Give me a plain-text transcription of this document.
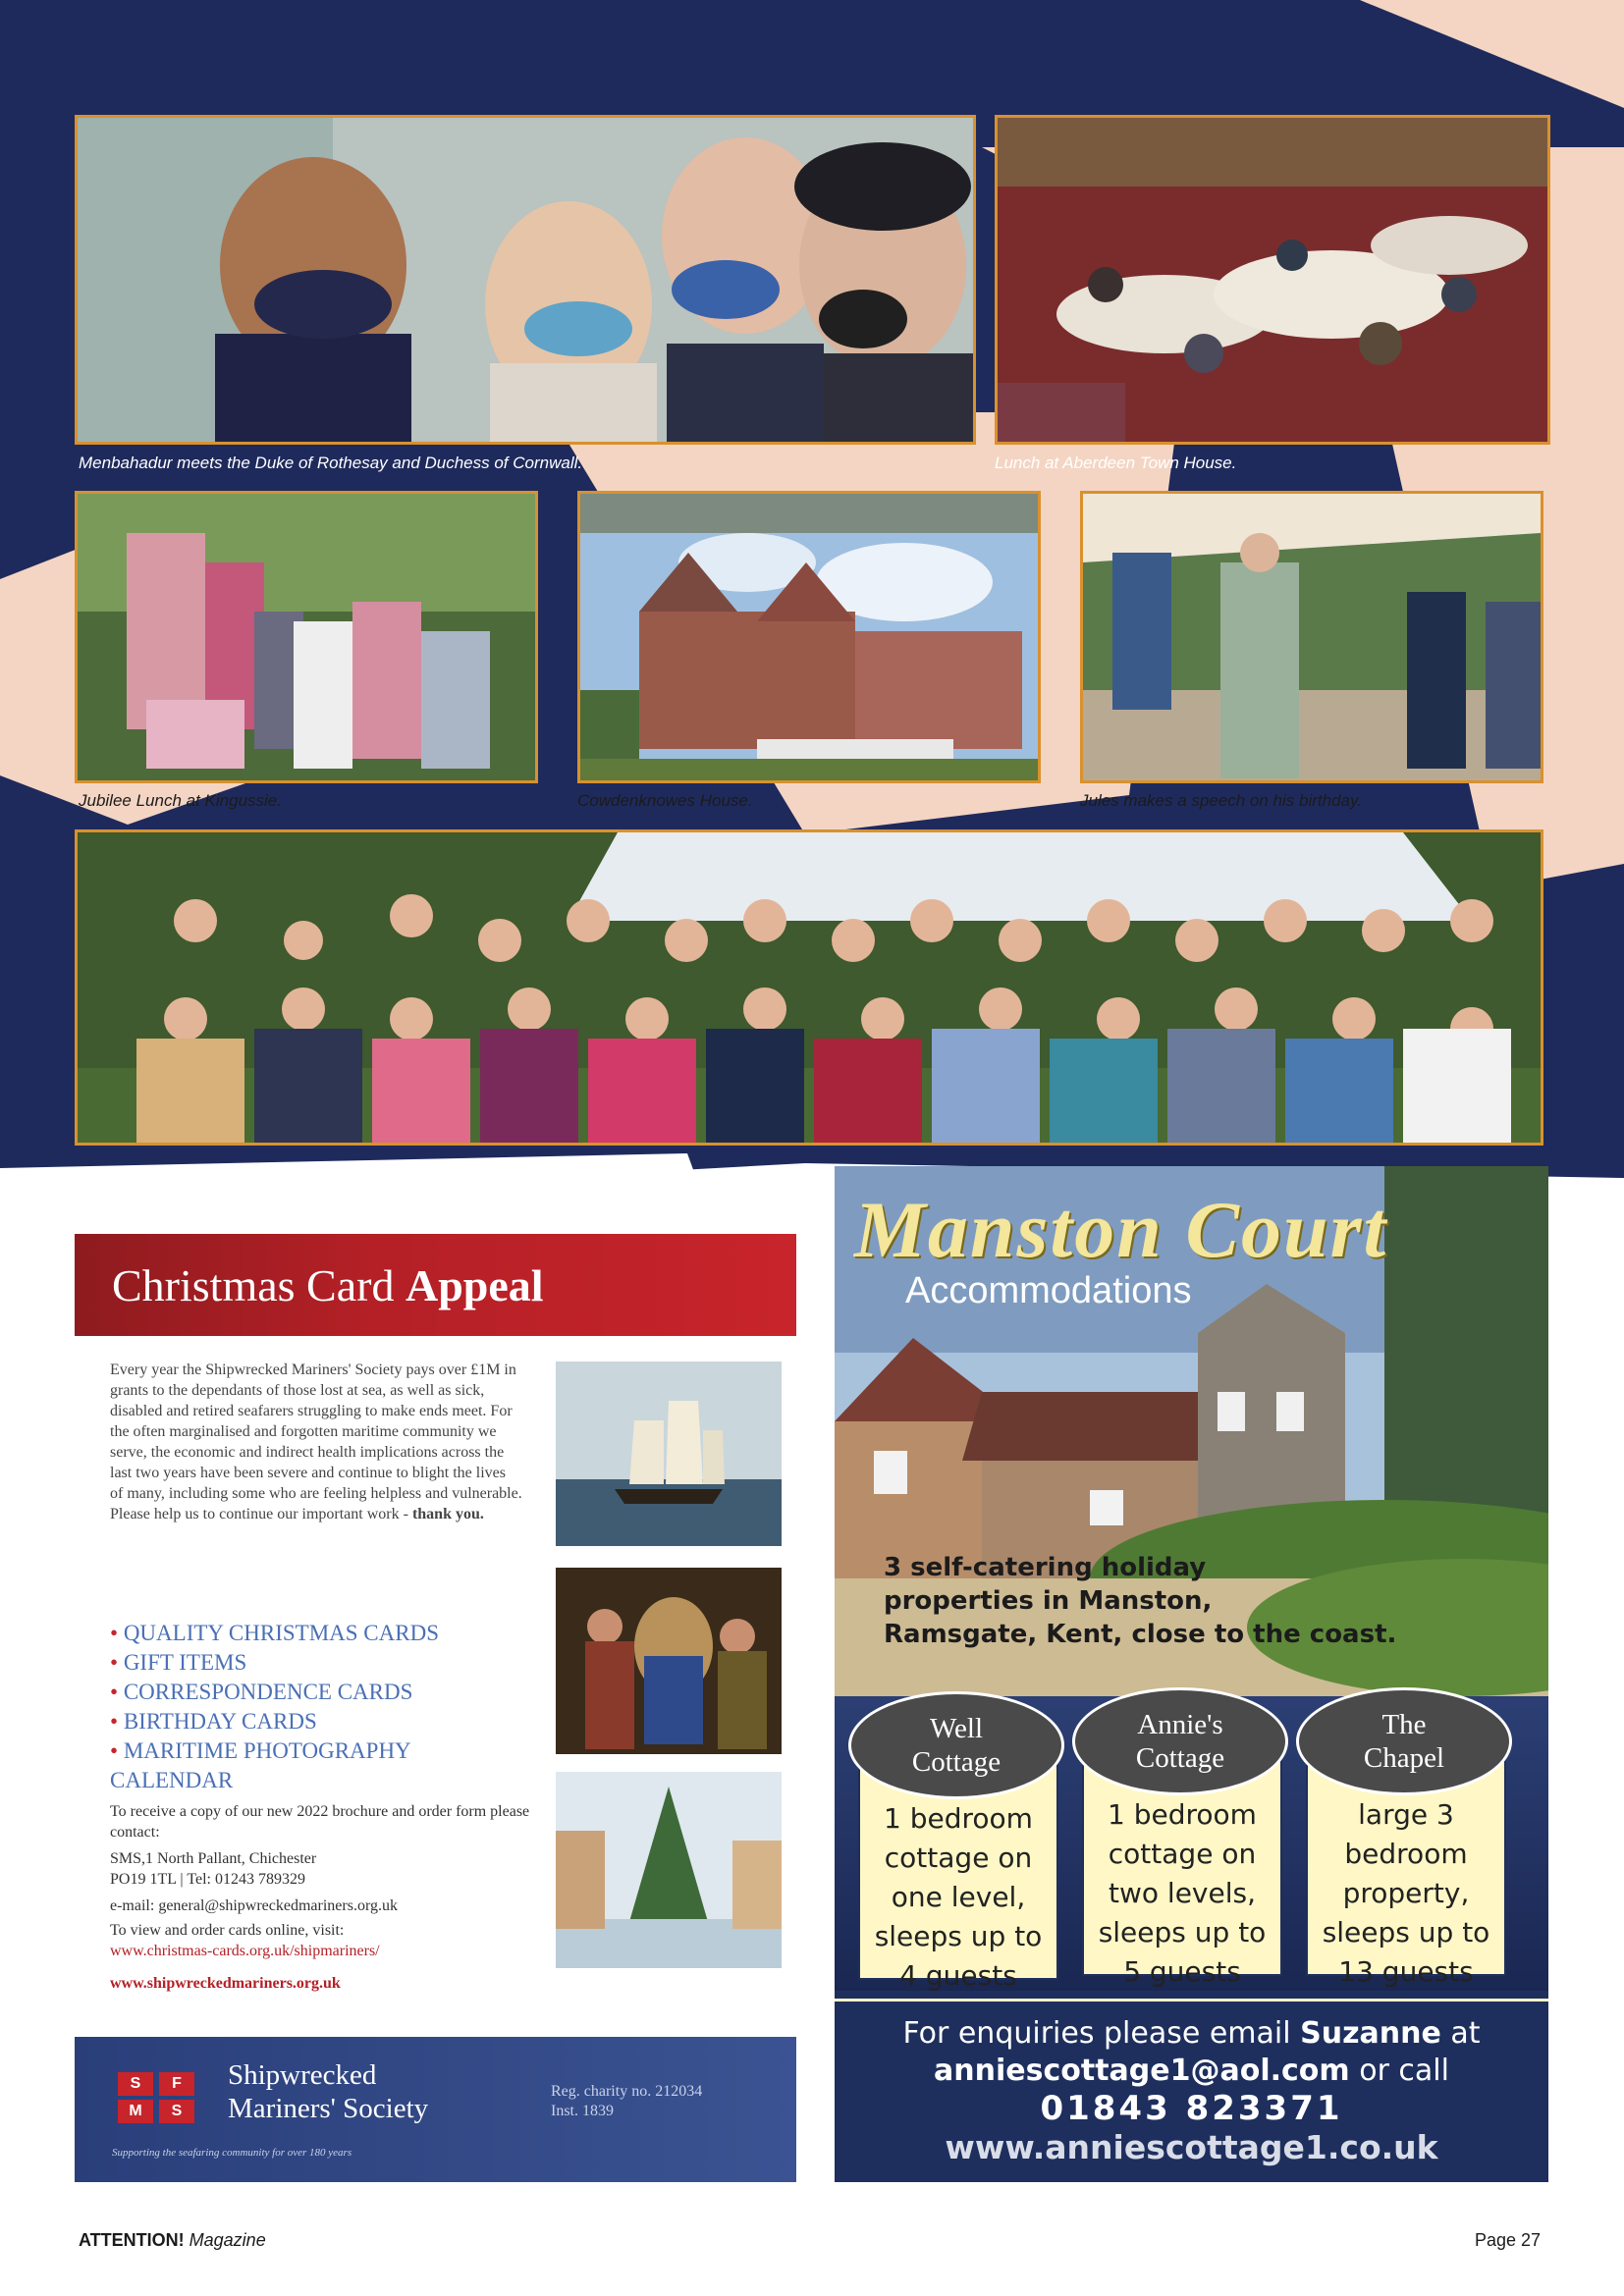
Menbahadur meets the Duke of Rothesay and Duchess of Cornwall.	Lunch at Aberdeen Town House.
Jubilee Lunch at Kingussie.	Cowdenknowes House.	Jules makes a speech on his birthday.
RGRRA Scotland Reunion 2022.
Christmas Card Appeal
Every year the Shipwrecked Mariners' Society pays over £1M in grants to the dependants of those lost at sea, as well as sick, disabled and retired seafarers struggling to make ends meet. For the often marginalised and forgotten maritime community we serve, the economic and indirect health implications across the last two years have been severe and continue to blight the lives of many, including some who are feeling helpless and vulnerable. Please help us to continue our important work - thank you.
• QUALITY CHRISTMAS CARDS
• GIFT ITEMS
• CORRESPONDENCE CARDS
• BIRTHDAY CARDS
• MARITIME PHOTOGRAPHY CALENDAR
To receive a copy of our new 2022 brochure and order form please contact:
SMS,1 North Pallant, Chichester
PO19 1TL | Tel: 01243 789329
e-mail: general@shipwreckedmariners.org.uk
To view and order cards online, visit:
www.christmas-cards.org.uk/shipmariners/
www.shipwreckedmariners.org.uk
S	F
M	S
Shipwrecked
Mariners' Society
Supporting the seafaring community for over 180 years
Reg. charity no. 212034
Inst. 1839
Manston Court
Accommodations
3 self-catering holiday
properties in Manston,
Ramsgate, Kent, close to the coast.
Well
Cottage
1 bedroom
cottage on
one level,
sleeps up to
4 guests
Annie's
Cottage
1 bedroom
cottage on
two levels,
sleeps up to
5 guests
The
Chapel
large 3
bedroom
property,
sleeps up to
13 guests
For enquiries please email Suzanne at
anniescottage1@aol.com or call
01843 823371
www.anniescottage1.co.uk
ATTENTION! Magazine	Page 27
